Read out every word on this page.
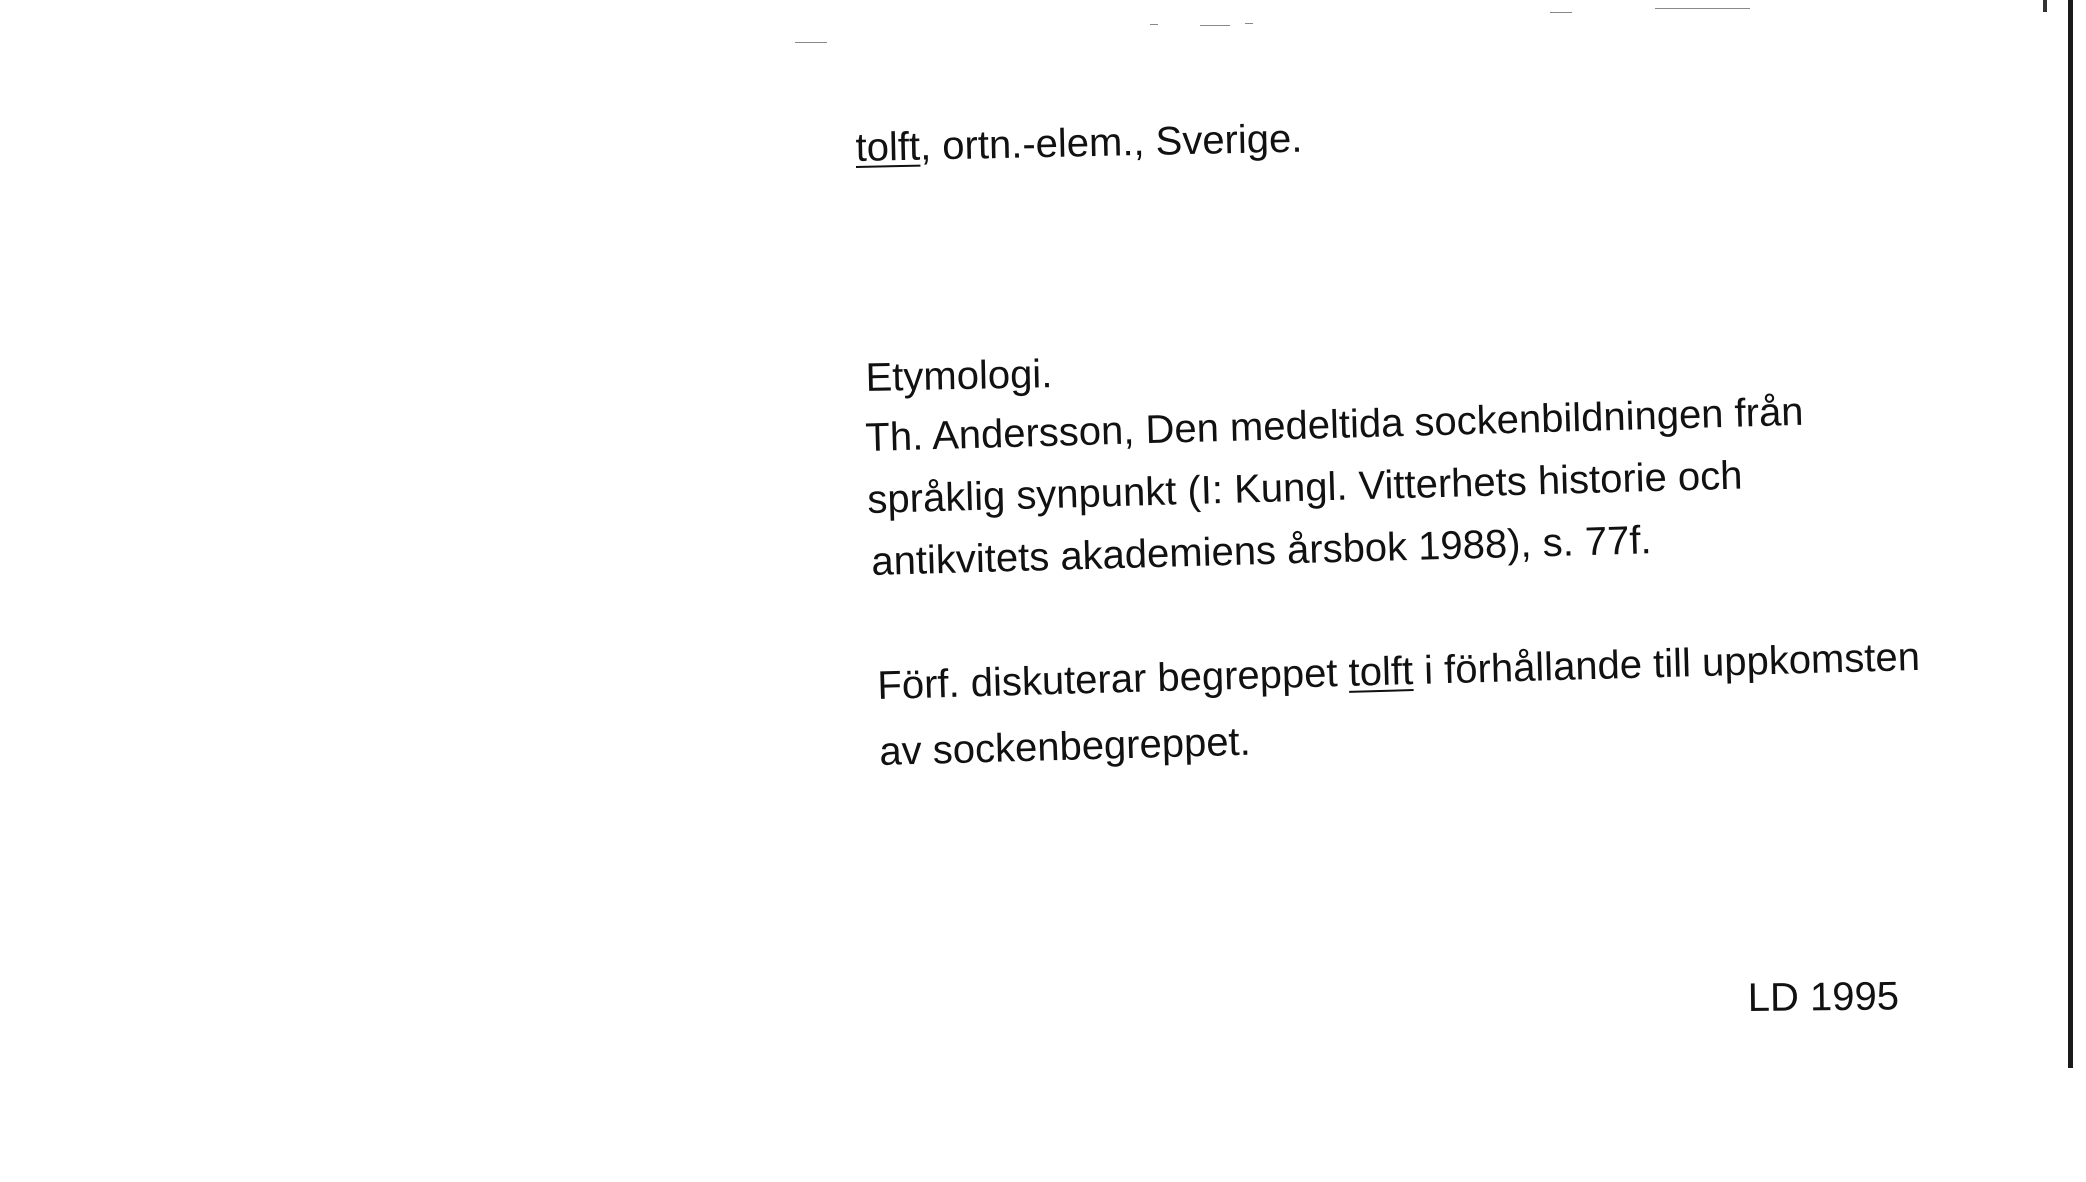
tolft, ortn.-elem., Sverige.
Etymologi.
Th. Andersson, Den medeltida sockenbildningen från
språklig synpunkt (I: Kungl. Vitterhets historie och
antikvitets akademiens årsbok 1988), s. 77f.
Förf. diskuterar begreppet tolft i förhållande till uppkomsten
av sockenbegreppet.
LD 1995
